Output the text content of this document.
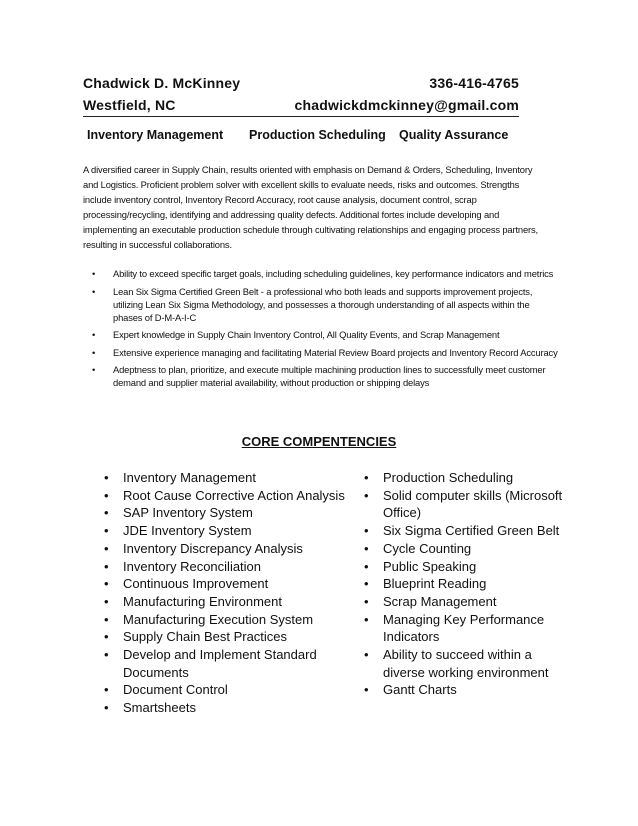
Chadwick D. McKinney	336-416-4765
Westfield, NC	chadwickdmckinney@gmail.com
Inventory Management Production Scheduling Quality Assurance
A diversified career in Supply Chain, results oriented with emphasis on Demand & Orders, Scheduling, Inventory and Logistics. Proficient problem solver with excellent skills to evaluate needs, risks and outcomes. Strengths include inventory control, Inventory Record Accuracy, root cause analysis, document control, scrap processing/recycling, identifying and addressing quality defects. Additional fortes include developing and implementing an executable production schedule through cultivating relationships and engaging process partners, resulting in successful collaborations.
• Ability to exceed specific target goals, including scheduling guidelines, key performance indicators and metrics
• Lean Six Sigma Certified Green Belt - a professional who both leads and supports improvement projects, utilizing Lean Six Sigma Methodology, and possesses a thorough understanding of all aspects within the phases of D-M-A-I-C
• Expert knowledge in Supply Chain Inventory Control, All Quality Events, and Scrap Management
• Extensive experience managing and facilitating Material Review Board projects and Inventory Record Accuracy
• Adeptness to plan, prioritize, and execute multiple machining production lines to successfully meet customer demand and supplier material availability, without production or shipping delays
CORE COMPENTENCIES
• Inventory Management
• Root Cause Corrective Action Analysis
• SAP Inventory System
• JDE Inventory System
• Inventory Discrepancy Analysis
• Inventory Reconciliation
• Continuous Improvement
• Manufacturing Environment
• Manufacturing Execution System
• Supply Chain Best Practices
• Develop and Implement Standard Documents
• Document Control
• Smartsheets
• Production Scheduling
• Solid computer skills (Microsoft Office)
• Six Sigma Certified Green Belt
• Cycle Counting
• Public Speaking
• Blueprint Reading
• Scrap Management
• Managing Key Performance Indicators
• Ability to succeed within a diverse working environment
• Gantt Charts
